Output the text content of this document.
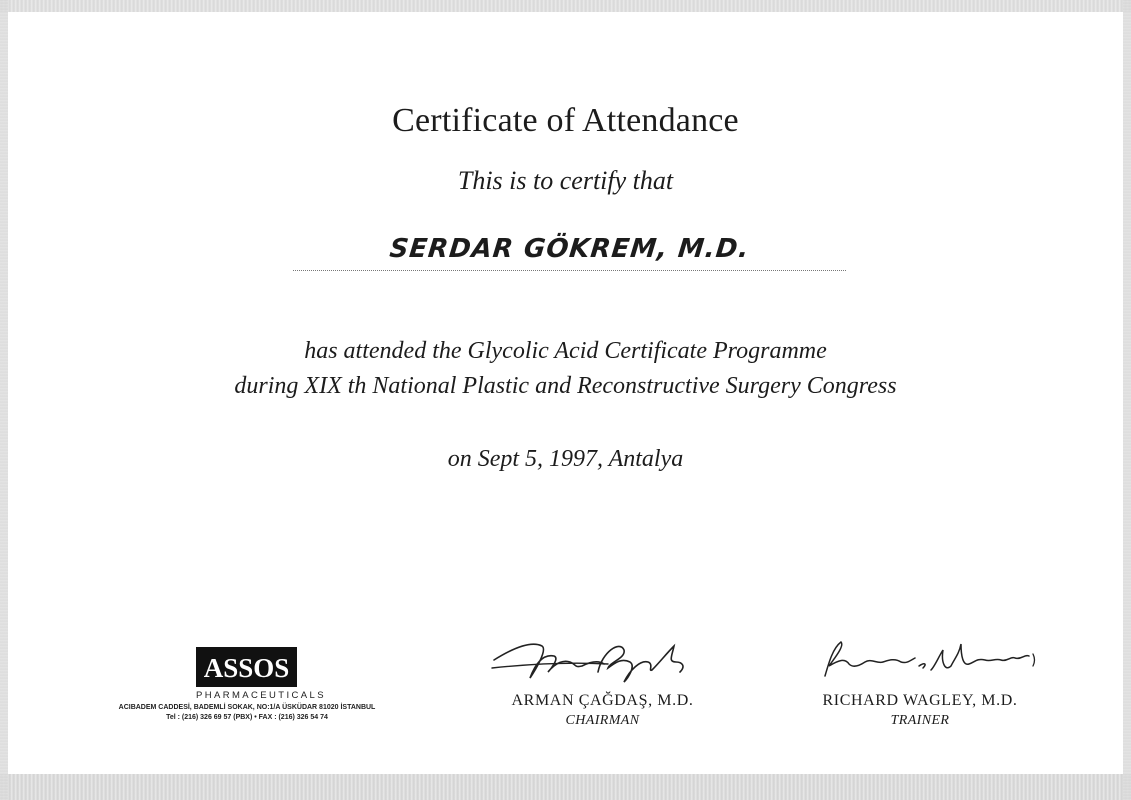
Certificate of Attendance
This is to certify that
SERDAR GÖKREM, M.D.
has attended the Glycolic Acid Certificate Programme
during XIX th National Plastic and Reconstructive Surgery Congress
on Sept 5, 1997, Antalya
ASSOS
PHARMACEUTICALS
ACIBADEM CADDESİ, BADEMLİ SOKAK, NO:1/A ÜSKÜDAR 81020 İSTANBUL
Tel : (216) 326 69 57 (PBX) • FAX : (216) 326 54 74
ARMAN ÇAĞDAŞ, M.D.
CHAIRMAN
RICHARD WAGLEY, M.D.
TRAINER
